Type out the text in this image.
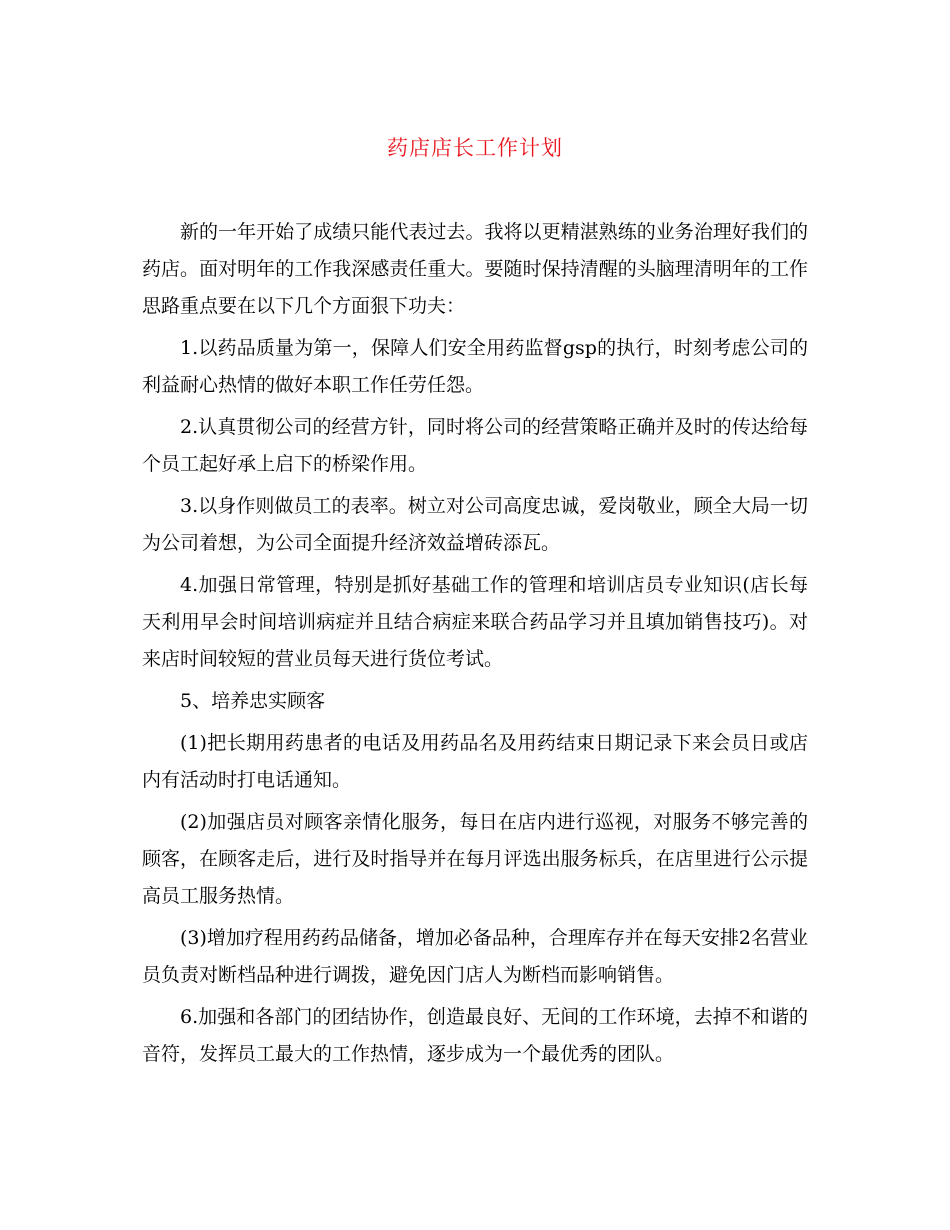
药店店长工作计划

新的一年开始了成绩只能代表过去。我将以更精湛熟练的业务治理好我们的药店。面对明年的工作我深感责任重大。要随时保持清醒的头脑理清明年的工作思路重点要在以下几个方面狠下功夫：

1.以药品质量为第一，保障人们安全用药监督gsp的执行，时刻考虑公司的利益耐心热情的做好本职工作任劳任怨。

2.认真贯彻公司的经营方针，同时将公司的经营策略正确并及时的传达给每个员工起好承上启下的桥梁作用。

3.以身作则做员工的表率。树立对公司高度忠诚，爱岗敬业，顾全大局一切为公司着想，为公司全面提升经济效益增砖添瓦。

4.加强日常管理，特别是抓好基础工作的管理和培训店员专业知识(店长每天利用早会时间培训病症并且结合病症来联合药品学习并且填加销售技巧)。对来店时间较短的营业员每天进行货位考试。

5、培养忠实顾客

(1)把长期用药患者的电话及用药品名及用药结束日期记录下来会员日或店内有活动时打电话通知。

(2)加强店员对顾客亲情化服务，每日在店内进行巡视，对服务不够完善的顾客，在顾客走后，进行及时指导并在每月评选出服务标兵，在店里进行公示提高员工服务热情。

(3)增加疗程用药药品储备，增加必备品种，合理库存并在每天安排2名营业员负责对断档品种进行调拨，避免因门店人为断档而影响销售。

6.加强和各部门的团结协作，创造最良好、无间的工作环境，去掉不和谐的音符，发挥员工最大的工作热情，逐步成为一个最优秀的团队。
